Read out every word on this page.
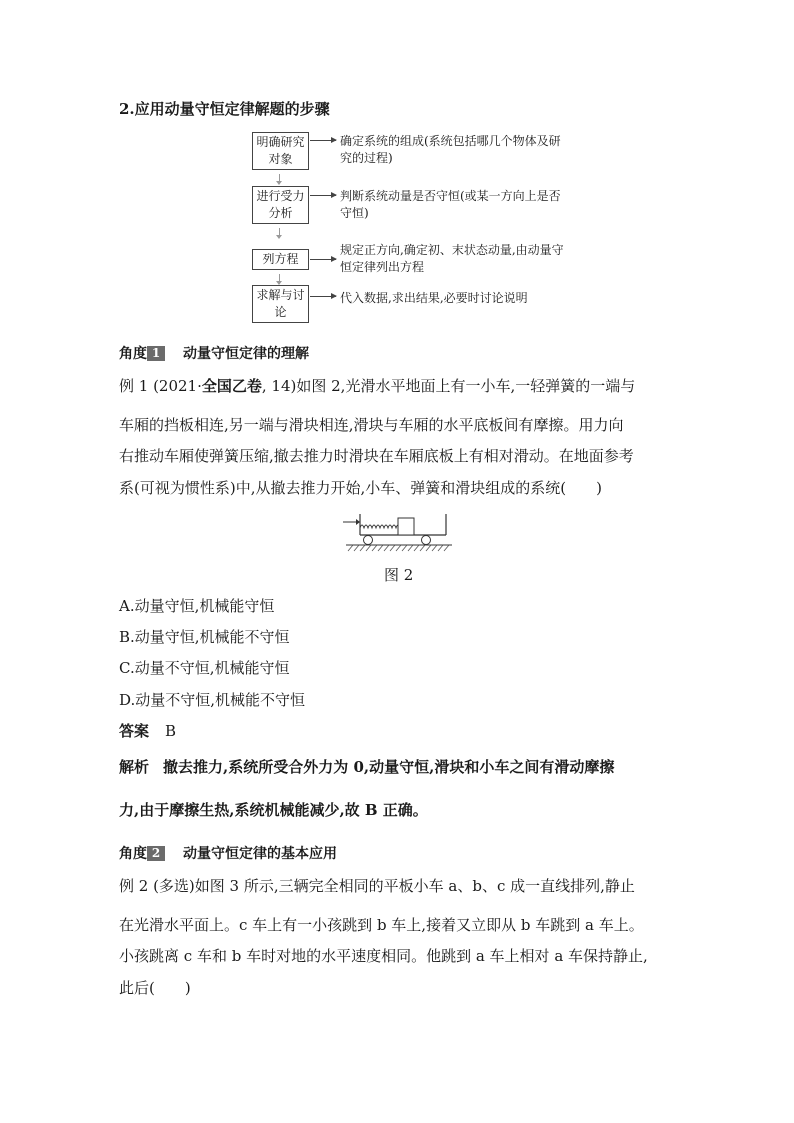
2.应用动量守恒定律解题的步骤
明确研究对象
确定系统的组成(系统包括哪几个物体及研究的过程)
进行受力分析
判断系统动量是否守恒(或某一方向上是否守恒)
列方程
规定正方向,确定初、末状态动量,由动量守恒定律列出方程
求解与讨论
代入数据,求出结果,必要时讨论说明
角度 1	动量守恒定律的理解
例 1 (2021·全国乙卷, 14)如图 2,光滑水平地面上有一小车,一轻弹簧的一端与
车厢的挡板相连,另一端与滑块相连,滑块与车厢的水平底板间有摩擦。用力向
右推动车厢使弹簧压缩,撤去推力时滑块在车厢底板上有相对滑动。在地面参考
系(可视为惯性系)中,从撤去推力开始,小车、弹簧和滑块组成的系统(　　)
图 2
A.动量守恒,机械能守恒
B.动量守恒,机械能不守恒
C.动量不守恒,机械能守恒
D.动量不守恒,机械能不守恒
答案 B
解析 撤去推力,系统所受合外力为 0,动量守恒,滑块和小车之间有滑动摩擦
力,由于摩擦生热,系统机械能减少,故 B 正确。
角度 2	动量守恒定律的基本应用
例 2 (多选)如图 3 所示,三辆完全相同的平板小车 a、b、c 成一直线排列,静止
在光滑水平面上。c 车上有一小孩跳到 b 车上,接着又立即从 b 车跳到 a 车上。
小孩跳离 c 车和 b 车时对地的水平速度相同。他跳到 a 车上相对 a 车保持静止,
此后(　　)
